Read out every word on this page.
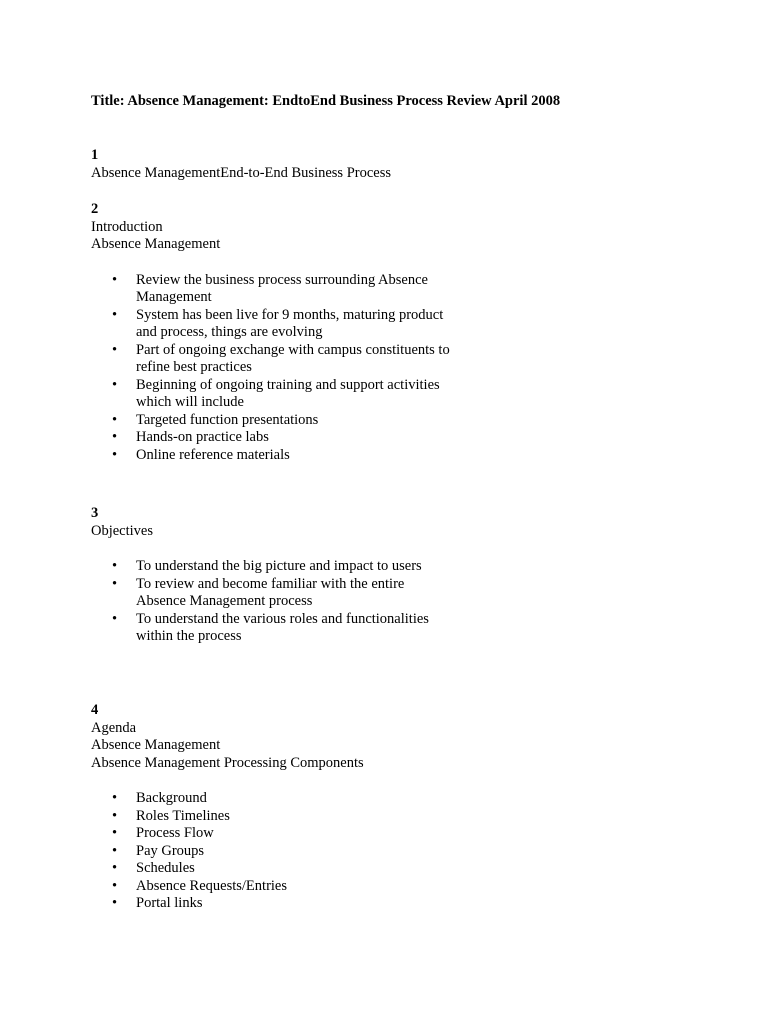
Title: Absence Management: EndtoEnd Business Process Review April 2008
1
Absence ManagementEnd-to-End Business Process
2
Introduction
Absence Management
• Review the business process surrounding Absence Management
• System has been live for 9 months, maturing product and process, things are evolving
• Part of ongoing exchange with campus constituents to refine best practices
• Beginning of ongoing training and support activities which will include
• Targeted function presentations
• Hands-on practice labs
• Online reference materials
3
Objectives
• To understand the big picture and impact to users
• To review and become familiar with the entire Absence Management process
• To understand the various roles and functionalities within the process
4
Agenda
Absence Management
Absence Management Processing Components
• Background
• Roles Timelines
• Process Flow
• Pay Groups
• Schedules
• Absence Requests/Entries
• Portal links
